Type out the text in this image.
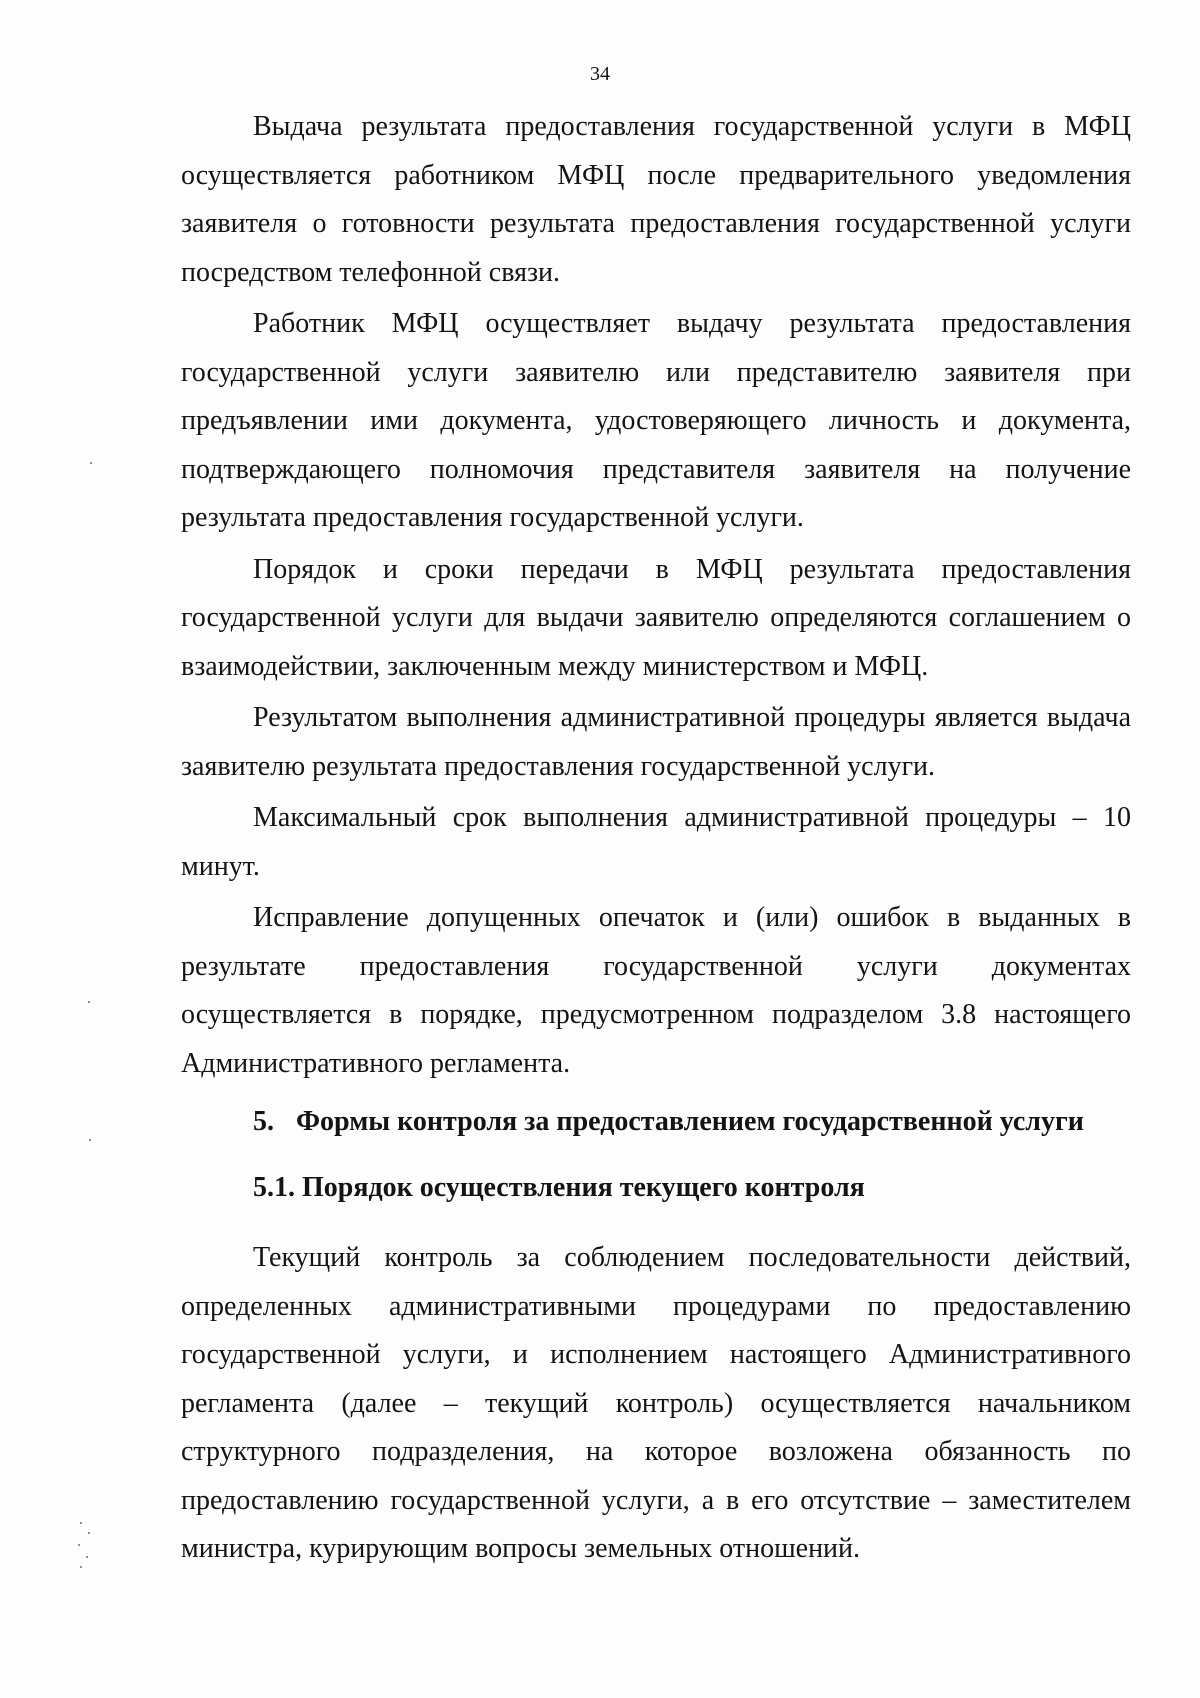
34

Выдача результата предоставления государственной услуги в МФЦ осуществляется работником МФЦ после предварительного уведомления заявителя о готовности результата предоставления государственной услуги посредством телефонной связи.

Работник МФЦ осуществляет выдачу результата предоставления государственной услуги заявителю или представителю заявителя при предъявлении ими документа, удостоверяющего личность и документа, подтверждающего полномочия представителя заявителя на получение результата предоставления государственной услуги.

Порядок и сроки передачи в МФЦ результата предоставления государственной услуги для выдачи заявителю определяются соглашением о взаимодействии, заключенным между министерством и МФЦ.

Результатом выполнения административной процедуры является выдача заявителю результата предоставления государственной услуги.

Максимальный срок выполнения административной процедуры – 10 минут.

Исправление допущенных опечаток и (или) ошибок в выданных в результате предоставления государственной услуги документах осуществляется в порядке, предусмотренном подразделом 3.8 настоящего Административного регламента.

5. Формы контроля за предоставлением государственной услуги
5.1. Порядок осуществления текущего контроля

Текущий контроль за соблюдением последовательности действий, определенных административными процедурами по предоставлению государственной услуги, и исполнением настоящего Административного регламента (далее – текущий контроль) осуществляется начальником структурного подразделения, на которое возложена обязанность по предоставлению государственной услуги, а в его отсутствие – заместителем министра, курирующим вопросы земельных отношений.
